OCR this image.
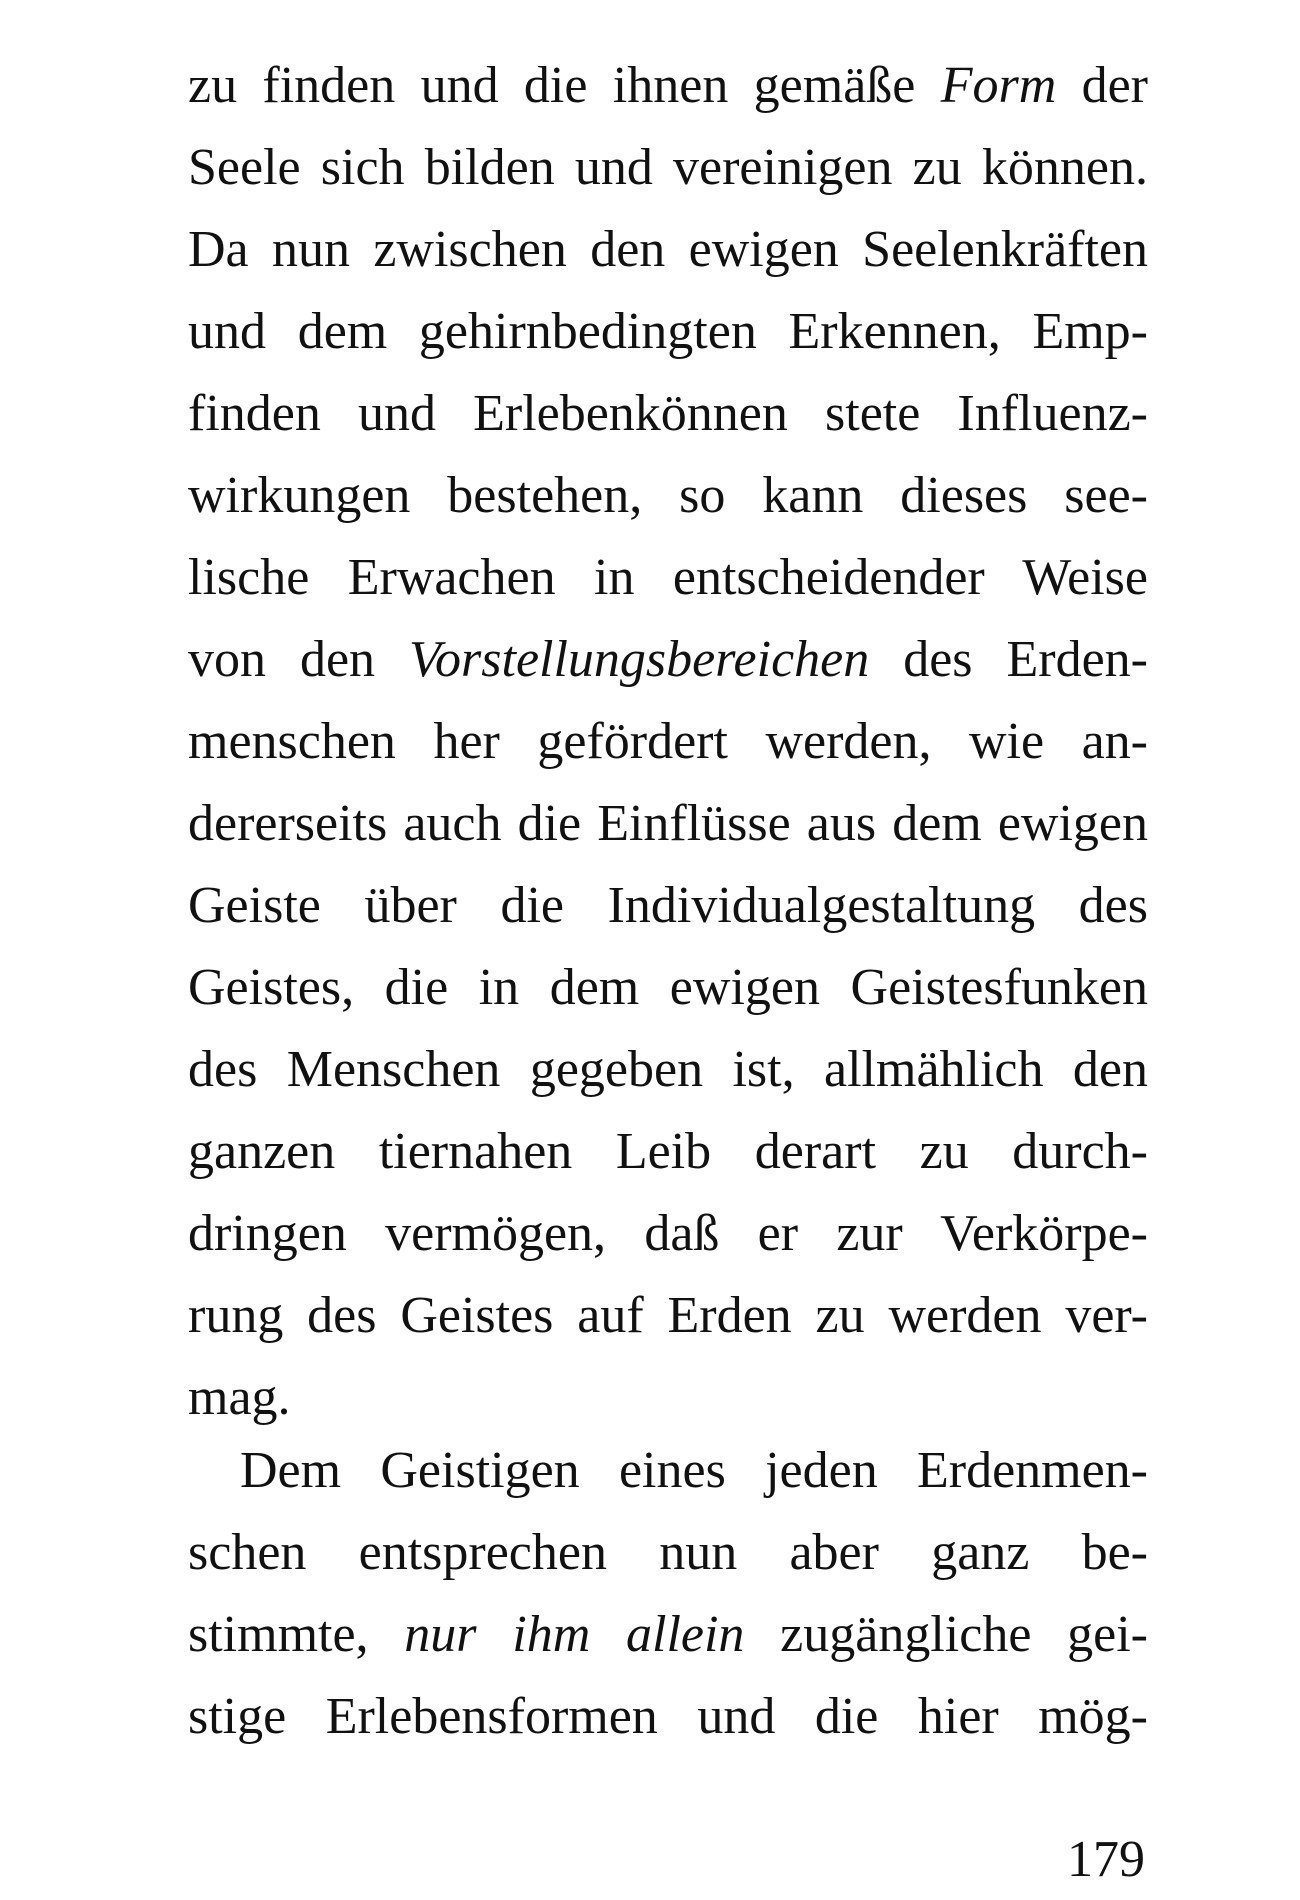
zu finden und die ihnen gemäße Form der
Seele sich bilden und vereinigen zu können.
Da nun zwischen den ewigen Seelenkräften
und dem gehirnbedingten Erkennen, Emp-
finden und Erlebenkönnen stete Influenz-
wirkungen bestehen, so kann dieses see-
lische Erwachen in entscheidender Weise
von den Vorstellungsbereichen des Erden-
menschen her gefördert werden, wie an-
dererseits auch die Einflüsse aus dem ewigen
Geiste über die Individualgestaltung des
Geistes, die in dem ewigen Geistesfunken
des Menschen gegeben ist, allmählich den
ganzen tiernahen Leib derart zu durch-
dringen vermögen, daß er zur Verkörpe-
rung des Geistes auf Erden zu werden ver-
mag.
Dem Geistigen eines jeden Erdenmen-
schen entsprechen nun aber ganz be-
stimmte, nur ihm allein zugängliche gei-
stige Erlebensformen und die hier mög-
179
